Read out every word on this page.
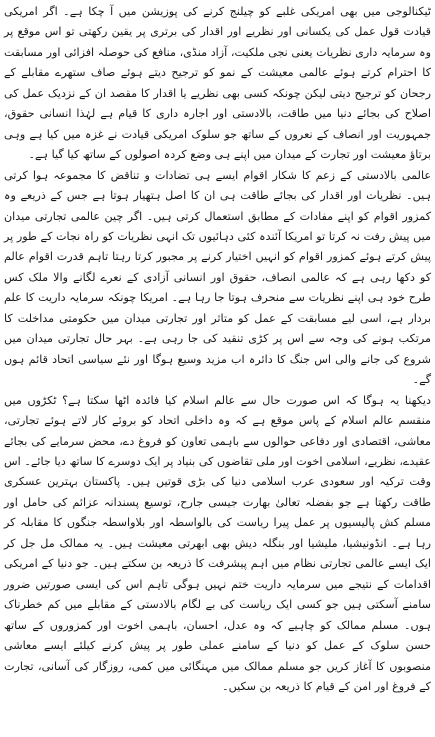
ٹیکنالوجی میں بھی امریکی غلبے کو چیلنج کرنے کی پوزیشن میں آ چکا ہے۔ اگر امریکی قیادت قول عمل کی یکسانی اور نظریے اور اقدار کی برتری پر یقین رکھتی تو اس موقع پر وہ سرمایہ داری نظریات یعنی نجی ملکیت، آزاد منڈی، منافع کی حوصلہ افزائی اور مسابقت کا احترام کرتے ہوئے عالمی معیشت کے نمو کو ترجیح دیتے ہوئے صاف ستھرے مقابلے کے رجحان کو ترجیح دیتی لیکن چونکہ کسی بھی نظریے یا اقدار کا مقصد ان کے نزدیک عمل کی اصلاح کی بجائے دنیا میں طاقت، بالادستی اور اجارہ داری کا قیام ہے لہٰذا انسانی حقوق، جمہوریت اور انصاف کے نعروں کے ساتھ جو سلوک امریکی قیادت نے غزہ میں کیا ہے وہی برتاؤ معیشت اور تجارت کے میدان میں اپنے ہی وضع کردہ اصولوں کے ساتھ کیا گیا ہے۔

عالمی بالادستی کے زعم کا شکار اقوام ایسے ہی تضادات و تناقض کا مجموعہ ہوا کرتی ہیں۔ نظریات اور اقدار کی بجائے طاقت ہی ان کا اصل ہتھیار ہوتا ہے جس کے ذریعے وہ کمزور اقوام کو اپنے مفادات کے مطابق استعمال کرتی ہیں۔ اگر چین عالمی تجارتی میدان میں پیش رفت نہ کرتا تو امریکا آئندہ کئی دہائیوں تک انہی نظریات کو راہ نجات کے طور پر پیش کرتے ہوئے کمزور اقوام کو انہیں اختیار کرنے پر مجبور کرتا رہتا تاہم قدرت اقوام عالم کو دکھا رہی ہے کہ عالمی انصاف، حقوق اور انسانی آزادی کے نعرے لگانے والا ملک کس طرح خود ہی اپنے نظریات سے منحرف ہوتا جا رہا ہے۔ امریکا چونکہ سرمایہ داریت کا علم بردار ہے، اسی لیے مسابقت کے عمل کو متاثر اور تجارتی میدان میں حکومتی مداخلت کا مرتکب ہونے کی وجہ سے اس پر کڑی تنقید کی جا رہی ہے۔ بہر حال تجارتی میدان میں شروع کی جانے والی اس جنگ کا دائرہ اب مزید وسیع ہوگا اور نئے سیاسی اتحاد قائم ہوں گے۔

دیکھنا یہ ہوگا کہ اس صورت حال سے عالم اسلام کیا فائدہ اٹھا سکتا ہے؟ ٹکڑوں میں منقسم عالم اسلام کے پاس موقع ہے کہ وہ داخلی اتحاد کو بروئے کار لاتے ہوئے تجارتی، معاشی، اقتصادی اور دفاعی حوالوں سے باہمی تعاون کو فروغ دے، محض سرمایے کی بجائے عقیدے، نظریے، اسلامی اخوت اور ملی تقاضوں کی بنیاد پر ایک دوسرے کا ساتھ دیا جائے۔ اس وقت ترکیہ اور سعودی عرب اسلامی دنیا کی بڑی قوتیں ہیں۔ پاکستان بہترین عسکری طاقت رکھتا ہے جو بفضلہ تعالیٰ بھارت جیسی جارح، توسیع پسندانہ عزائم کی حامل اور مسلم کش پالیسیوں پر عمل پیرا ریاست کی بالواسطہ اور بلاواسطہ جنگوں کا مقابلہ کر رہا ہے۔ انڈونیشیا، ملیشیا اور بنگلہ دیش بھی ابھرتی معیشت ہیں۔ یہ ممالک مل جل کر ایک ایسے عالمی تجارتی نظام میں اہم پیشرفت کا ذریعہ بن سکتے ہیں۔ جو دنیا کے امریکی اقدامات کے نتیجے میں سرمایہ داریت ختم نہیں ہوگی تاہم اس کی ایسی صورتیں ضرور سامنے آسکتی ہیں جو کسی ایک ریاست کی بے لگام بالادستی کے مقابلے میں کم خطرناک ہوں۔ مسلم ممالک کو چاہیے کہ وہ عدل، احسان، باہمی اخوت اور کمزوروں کے ساتھ حسن سلوک کے عمل کو دنیا کے سامنے عملی طور پر پیش کرنے کیلئے ایسے معاشی منصوبوں کا آغاز کریں جو مسلم ممالک میں مہنگائی میں کمی، روزگار کی آسانی، تجارت کے فروغ اور امن کے قیام کا ذریعہ بن سکیں۔
